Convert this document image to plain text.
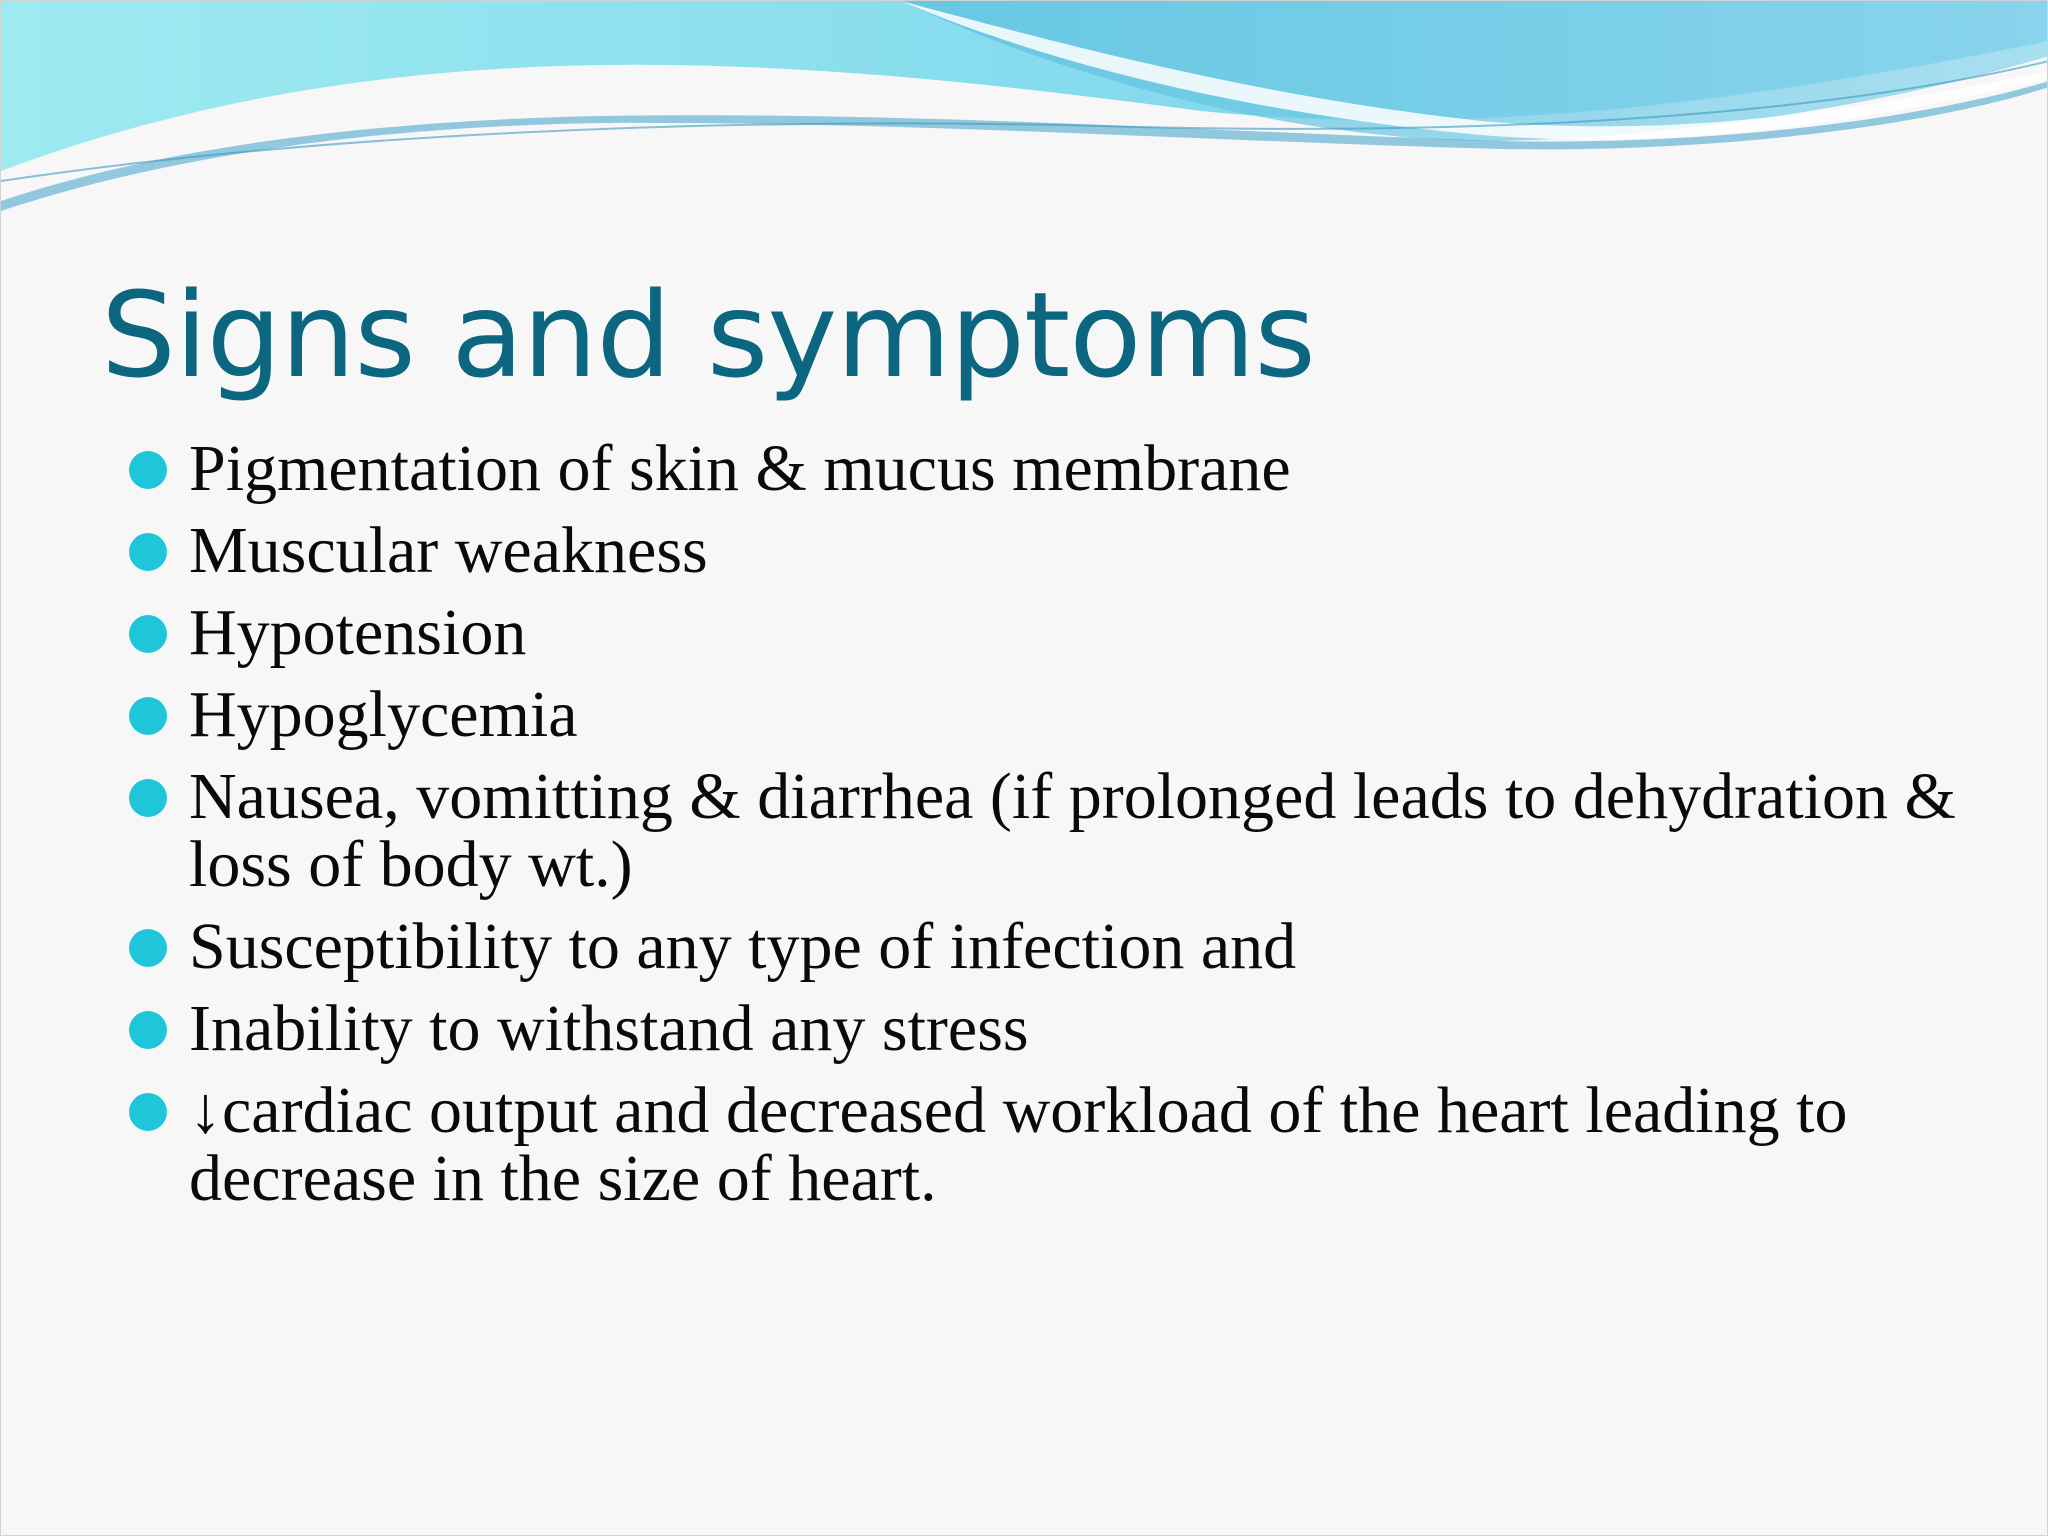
Signs and symptoms
Pigmentation of skin & mucus membrane
Muscular weakness
Hypotension
Hypoglycemia
Nausea, vomitting & diarrhea (if prolonged leads to dehydration & loss of body wt.)
Susceptibility to any type of infection and
Inability to withstand any stress
↓cardiac output and decreased workload of the heart leading to decrease in the size of heart.
